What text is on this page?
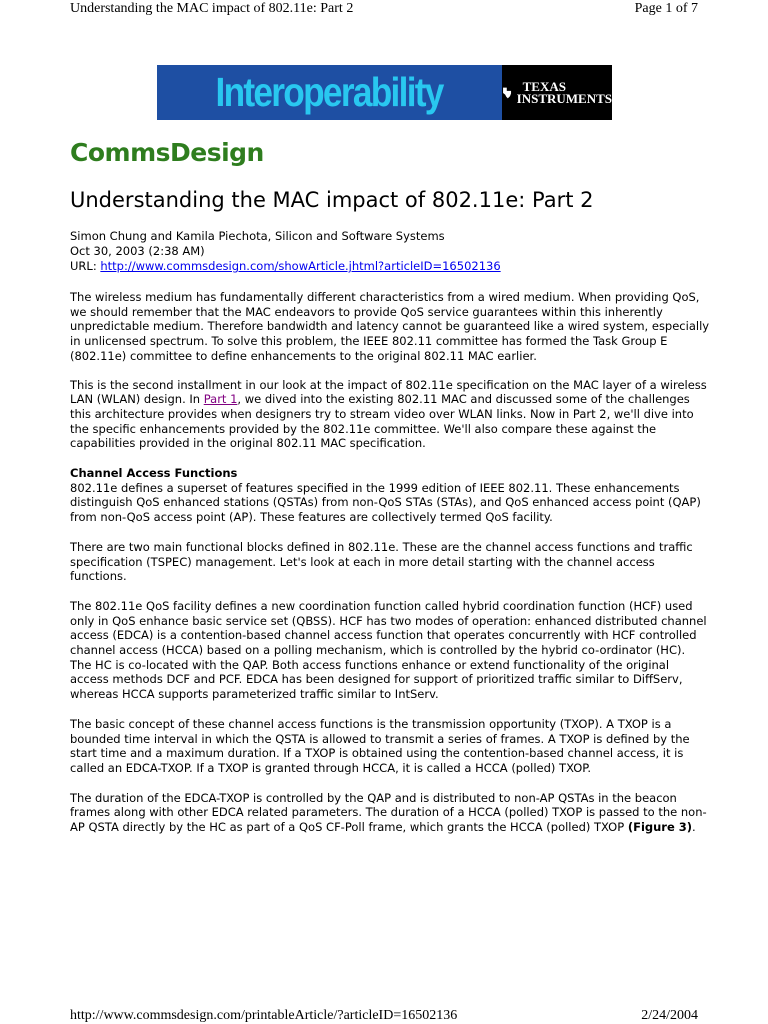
Understanding the MAC impact of 802.11e: Part 2	Page 1 of 7
Interoperability	TEXAS
INSTRUMENTS
CommsDesign
Understanding the MAC impact of 802.11e: Part 2
Simon Chung and Kamila Piechota, Silicon and Software Systems
Oct 30, 2003 (2:38 AM)
URL: http://www.commsdesign.com/showArticle.jhtml?articleID=16502136

The wireless medium has fundamentally different characteristics from a wired medium. When providing QoS, we should remember that the MAC endeavors to provide QoS service guarantees within this inherently unpredictable medium. Therefore bandwidth and latency cannot be guaranteed like a wired system, especially in unlicensed spectrum. To solve this problem, the IEEE 802.11 committee has formed the Task Group E (802.11e) committee to define enhancements to the original 802.11 MAC earlier.

This is the second installment in our look at the impact of 802.11e specification on the MAC layer of a wireless LAN (WLAN) design. In Part 1, we dived into the existing 802.11 MAC and discussed some of the challenges this architecture provides when designers try to stream video over WLAN links. Now in Part 2, we'll dive into the specific enhancements provided by the 802.11e committee. We'll also compare these against the capabilities provided in the original 802.11 MAC specification.

Channel Access Functions
802.11e defines a superset of features specified in the 1999 edition of IEEE 802.11. These enhancements distinguish QoS enhanced stations (QSTAs) from non-QoS STAs (STAs), and QoS enhanced access point (QAP) from non-QoS access point (AP). These features are collectively termed QoS facility.

There are two main functional blocks defined in 802.11e. These are the channel access functions and traffic specification (TSPEC) management. Let's look at each in more detail starting with the channel access functions.

The 802.11e QoS facility defines a new coordination function called hybrid coordination function (HCF) used only in QoS enhance basic service set (QBSS). HCF has two modes of operation: enhanced distributed channel access (EDCA) is a contention-based channel access function that operates concurrently with HCF controlled channel access (HCCA) based on a polling mechanism, which is controlled by the hybrid co-ordinator (HC). The HC is co-located with the QAP. Both access functions enhance or extend functionality of the original access methods DCF and PCF. EDCA has been designed for support of prioritized traffic similar to DiffServ, whereas HCCA supports parameterized traffic similar to IntServ.

The basic concept of these channel access functions is the transmission opportunity (TXOP). A TXOP is a bounded time interval in which the QSTA is allowed to transmit a series of frames. A TXOP is defined by the start time and a maximum duration. If a TXOP is obtained using the contention-based channel access, it is called an EDCA-TXOP. If a TXOP is granted through HCCA, it is called a HCCA (polled) TXOP.

The duration of the EDCA-TXOP is controlled by the QAP and is distributed to non-AP QSTAs in the beacon frames along with other EDCA related parameters. The duration of a HCCA (polled) TXOP is passed to the non-AP QSTA directly by the HC as part of a QoS CF-Poll frame, which grants the HCCA (polled) TXOP (Figure 3).

http://www.commsdesign.com/printableArticle/?articleID=16502136	2/24/2004
